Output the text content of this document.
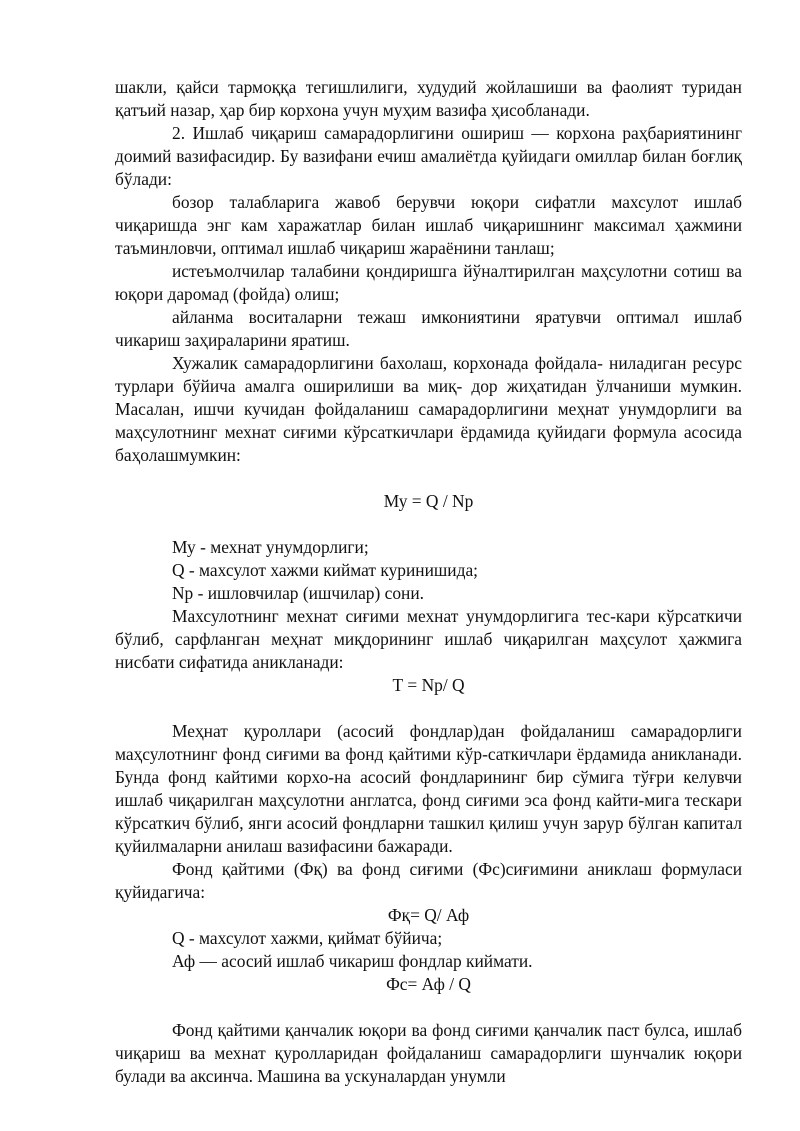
шакли, қайси тармоққа тегишлилиги, худудий жойлашиши ва фаолият туридан қатъий назар, ҳар бир корхона учун муҳим вазифа ҳисобланади.

2. Ишлаб чиқариш самарадорлигини ошириш — корхона раҳбариятининг доимий вазифасидир. Бу вазифани ечиш амалиётда қуйидаги омиллар билан боғлиқ бўлади:

бозор талабларига жавоб берувчи юқори сифатли махсулот ишлаб чиқаришда энг кам харажатлар билан ишлаб чиқаришнинг максимал ҳажмини таъминловчи, оптимал ишлаб чиқариш жараёнини танлаш;

истеъмолчилар талабини қондиришга йўналтирилган маҳсулотни сотиш ва юқори даромад (фойда) олиш;

айланма воситаларни тежаш имкониятини яратувчи оптимал ишлаб чикариш заҳираларини яратиш.

Хужалик самарадорлигини бахолаш, корхонада фойдала- ниладиган ресурс турлари бўйича амалга оширилиши ва миқ- дор жиҳатидан ўлчаниши мумкин. Масалан, ишчи кучидан фойдаланиш самарадорлигини меҳнат унумдорлиги ва маҳсулотнинг мехнат сиғими кўрсаткичлари ёрдамида қуйидаги формула асосида баҳолашмумкин:

Му = Q / Np

Му - мехнат унумдорлиги;

Q - махсулот хажми киймат куринишида;

Np - ишловчилар (ишчилар) сони.

Махсулотнинг мехнат сиғими мехнат унумдорлигига тес-кари кўрсаткичи бўлиб, сарфланган меҳнат миқдорининг ишлаб чиқарилган маҳсулот ҳажмига нисбати сифатида аникланади:

Т = Np/ Q

Меҳнат қуроллари (асосий фондлар)дан фойдаланиш самарадорлиги маҳсулотнинг фонд сиғими ва фонд қайтими кўр-саткичлари ёрдамида аникланади. Бунда фонд кайтими корхо-на асосий фондларининг бир сўмига тўғри келувчи ишлаб чиқарилган маҳсулотни англатса, фонд сиғими эса фонд кайти-мига тескари кўрсаткич бўлиб, янги асосий фондларни ташкил қилиш учун зарур бўлган капитал қуйилмаларни анилаш вазифасини бажаради.

Фонд қайтими (Фқ) ва фонд сиғими (Фс)сиғимини аниклаш формуласи қуйидагича:

Фқ= Q/ Аф

Q - махсулот хажми, қиймат бўйича;

Аф — асосий ишлаб чикариш фондлар киймати.

Фс= Аф / Q

Фонд қайтими қанчалик юқори ва фонд сиғими қанчалик паст булса, ишлаб чиқариш ва мехнат қуролларидан фойдаланиш самарадорлиги шунчалик юқори булади ва аксинча. Машина ва ускуналардан унумли
